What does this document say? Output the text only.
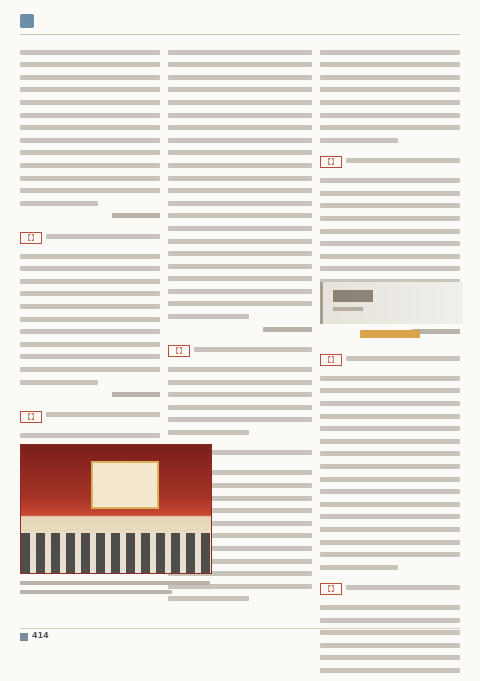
【】
【】
【】
【】
【】
【】
414
